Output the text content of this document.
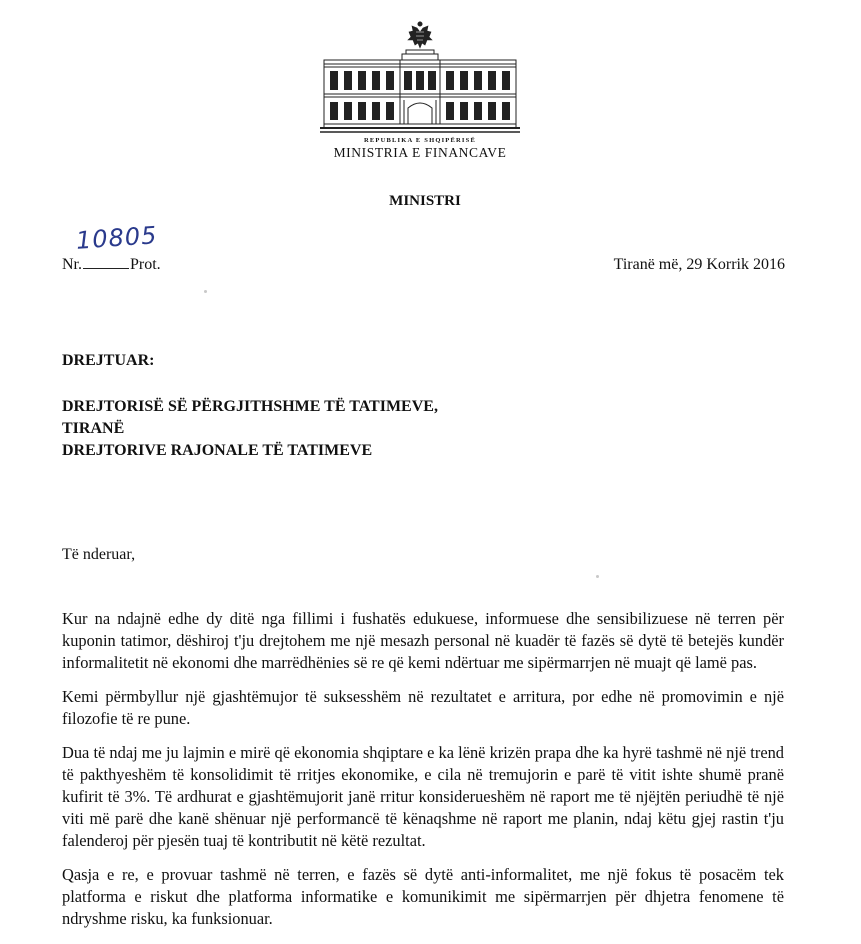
REPUBLIKA E SHQIPËRISË
MINISTRIA E FINANCAVE
MINISTRI
10805
Nr.	Prot.	Tiranë më, 29 Korrik 2016
DREJTUAR:
DREJTORISË SË PËRGJITHSHME TË TATIMEVE,
TIRANË
DREJTORIVE RAJONALE TË TATIMEVE
Të nderuar,

Kur na ndajnë edhe dy ditë nga fillimi i fushatës edukuese, informuese dhe sensibilizuese në terren për kuponin tatimor, dëshiroj t'ju drejtohem me një mesazh personal në kuadër të fazës së dytë të betejës kundër informalitetit në ekonomi dhe marrëdhënies së re që kemi ndërtuar me sipërmarrjen në muajt që lamë pas.

Kemi përmbyllur një gjashtëmujor të suksesshëm në rezultatet e arritura, por edhe në promovimin e një filozofie të re pune.

Dua të ndaj me ju lajmin e mirë që ekonomia shqiptare e ka lënë krizën prapa dhe ka hyrë tashmë në një trend të pakthyeshëm të konsolidimit të rritjes ekonomike, e cila në tremujorin e parë të vitit ishte shumë pranë kufirit të 3%. Të ardhurat e gjashtëmujorit janë rritur konsiderueshëm në raport me të njëjtën periudhë të një viti më parë dhe kanë shënuar një performancë të kënaqshme në raport me planin, ndaj këtu gjej rastin t'ju falenderoj për pjesën tuaj të kontributit në këtë rezultat.

Qasja e re, e provuar tashmë në terren, e fazës së dytë anti-informalitet, me një fokus të posacëm tek platforma e riskut dhe platforma informatike e komunikimit me sipërmarrjen për dhjetra fenomene të ndryshme risku, ka funksionuar.
